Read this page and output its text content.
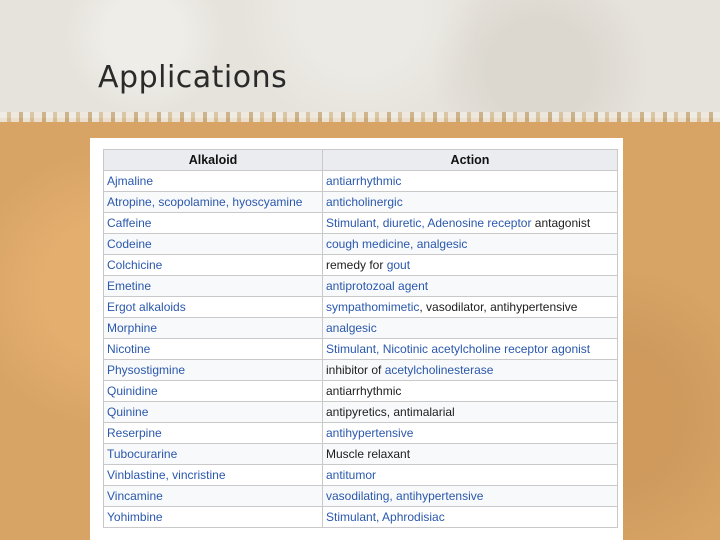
Applications
Alkaloid	Action
Ajmaline	antiarrhythmic
Atropine, scopolamine, hyoscyamine	anticholinergic
Caffeine	Stimulant, diuretic, Adenosine receptor antagonist
Codeine	cough medicine, analgesic
Colchicine	remedy for gout
Emetine	antiprotozoal agent
Ergot alkaloids	sympathomimetic, vasodilator, antihypertensive
Morphine	analgesic
Nicotine	Stimulant, Nicotinic acetylcholine receptor agonist
Physostigmine	inhibitor of acetylcholinesterase
Quinidine	antiarrhythmic
Quinine	antipyretics, antimalarial
Reserpine	antihypertensive
Tubocurarine	Muscle relaxant
Vinblastine, vincristine	antitumor
Vincamine	vasodilating, antihypertensive
Yohimbine	Stimulant, Aphrodisiac
